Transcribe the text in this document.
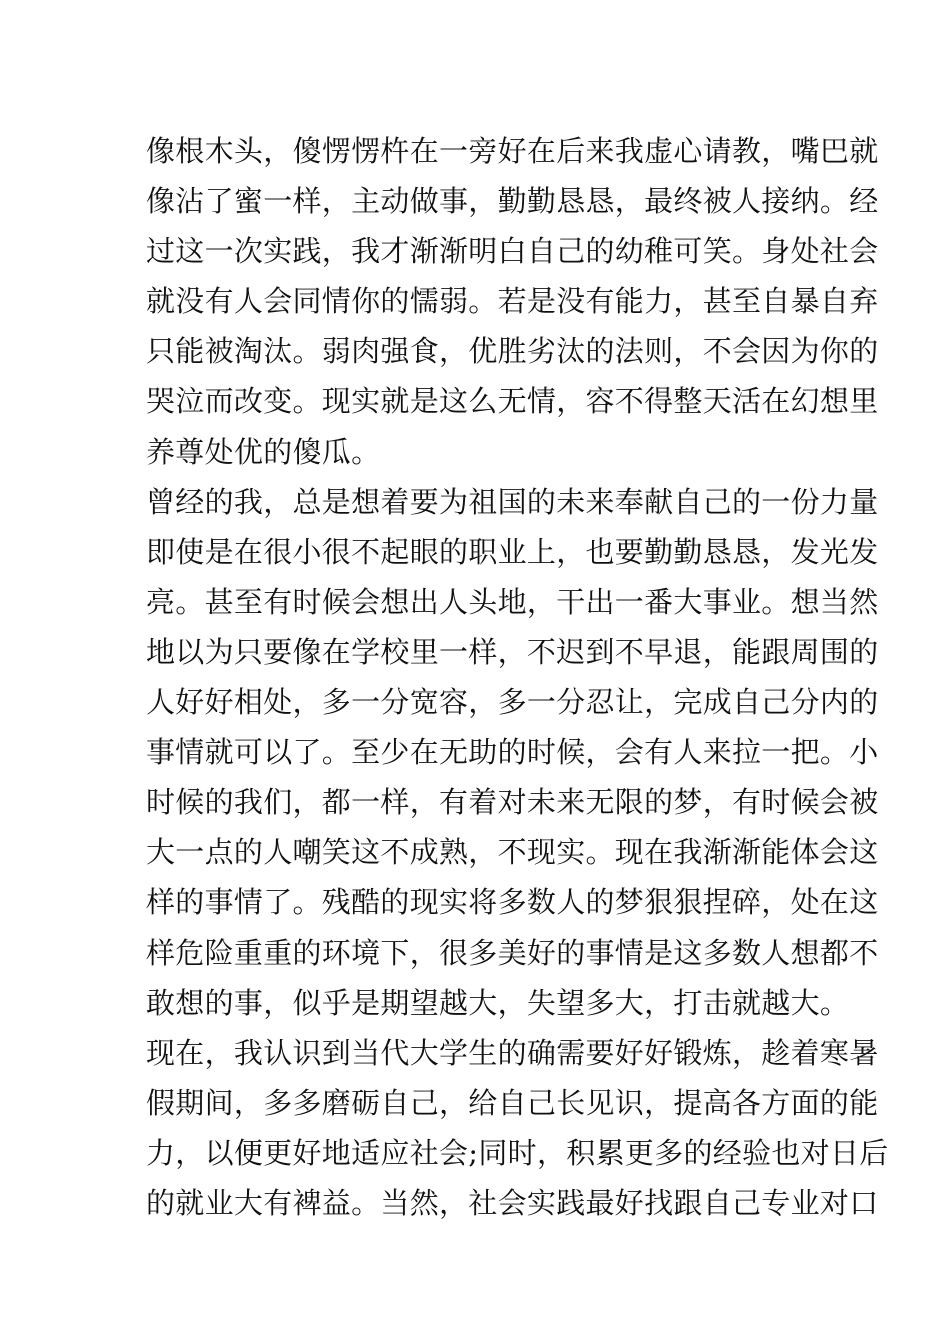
像根木头，傻愣愣杵在一旁好在后来我虚心请教，嘴巴就
像沾了蜜一样，主动做事，勤勤恳恳，最终被人接纳。经
过这一次实践，我才渐渐明白自己的幼稚可笑。身处社会
就没有人会同情你的懦弱。若是没有能力，甚至自暴自弃
只能被淘汰。弱肉强食，优胜劣汰的法则，不会因为你的
哭泣而改变。现实就是这么无情，容不得整天活在幻想里
养尊处优的傻瓜。
曾经的我，总是想着要为祖国的未来奉献自己的一份力量
即使是在很小很不起眼的职业上，也要勤勤恳恳，发光发
亮。甚至有时候会想出人头地，干出一番大事业。想当然
地以为只要像在学校里一样，不迟到不早退，能跟周围的
人好好相处，多一分宽容，多一分忍让，完成自己分内的
事情就可以了。至少在无助的时候，会有人来拉一把。小
时候的我们，都一样，有着对未来无限的梦，有时候会被
大一点的人嘲笑这不成熟，不现实。现在我渐渐能体会这
样的事情了。残酷的现实将多数人的梦狠狠捏碎，处在这
样危险重重的环境下，很多美好的事情是这多数人想都不
敢想的事，似乎是期望越大，失望多大，打击就越大。
现在，我认识到当代大学生的确需要好好锻炼，趁着寒暑
假期间，多多磨砺自己，给自己长见识，提高各方面的能
力，以便更好地适应社会;同时，积累更多的经验也对日后
的就业大有裨益。当然，社会实践最好找跟自己专业对口
